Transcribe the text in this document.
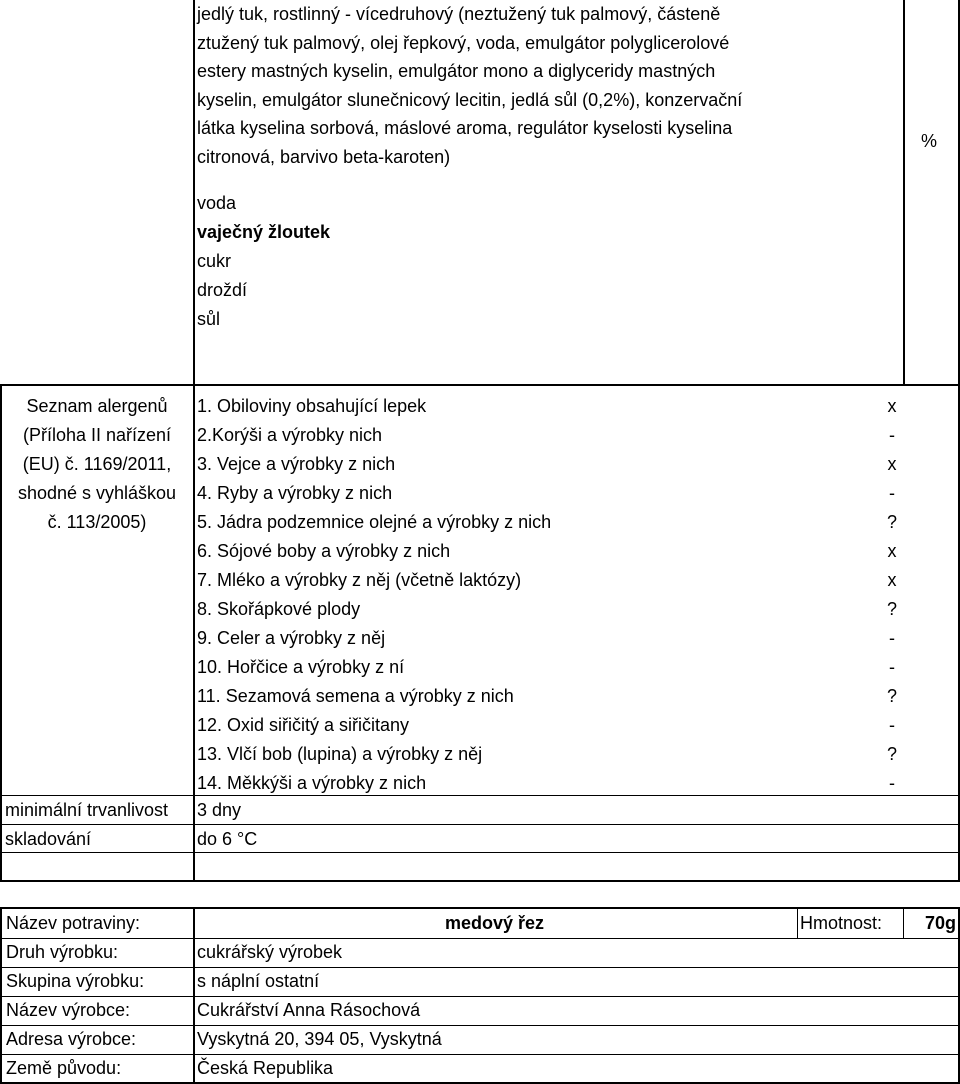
jedlý tuk, rostlinný - vícedruhový (neztužený tuk palmový, částeně

ztužený tuk palmový, olej řepkový, voda, emulgátor polyglicerolové

estery mastných kyselin, emulgátor mono a diglyceridy mastných

kyselin, emulgátor slunečnicový lecitin, jedlá sůl (0,2%), konzervační

látka kyselina sorbová, máslové aroma, regulátor kyselosti kyselina

citronová, barvivo beta-karoten)

%
voda
vaječný žloutek
cukr
droždí
sůl
Seznam alergenů
(Příloha II nařízení
(EU) č. 1169/2011,
shodné s vyhláškou
č. 113/2005)
1. Obiloviny obsahující lepek	x
2.Korýši a výrobky nich	-
3. Vejce a výrobky z nich	x
4. Ryby a výrobky z nich	-
5. Jádra podzemnice olejné a výrobky z nich	?
6. Sójové boby a výrobky z nich	x
7. Mléko a výrobky z něj (včetně laktózy)	x
8. Skořápkové plody	?
9. Celer a výrobky z něj	-
10. Hořčice a výrobky z ní	-
11. Sezamová semena a výrobky z nich	?
12. Oxid siřičitý a siřičitany	-
13. Vlčí bob (lupina) a výrobky z něj	?
14. Měkkýši a výrobky z nich	-
minimální trvanlivost 3 dny
skladování	do 6 °C
Název potraviny:	medový řez	Hmotnost:	70g
Druh výrobku:	cukrářský výrobek
Skupina výrobku:	s náplní ostatní
Název výrobce:	Cukrářství Anna Rásochová
Adresa výrobce:	Vyskytná 20, 394 05, Vyskytná
Země původu:	Česká Republika
